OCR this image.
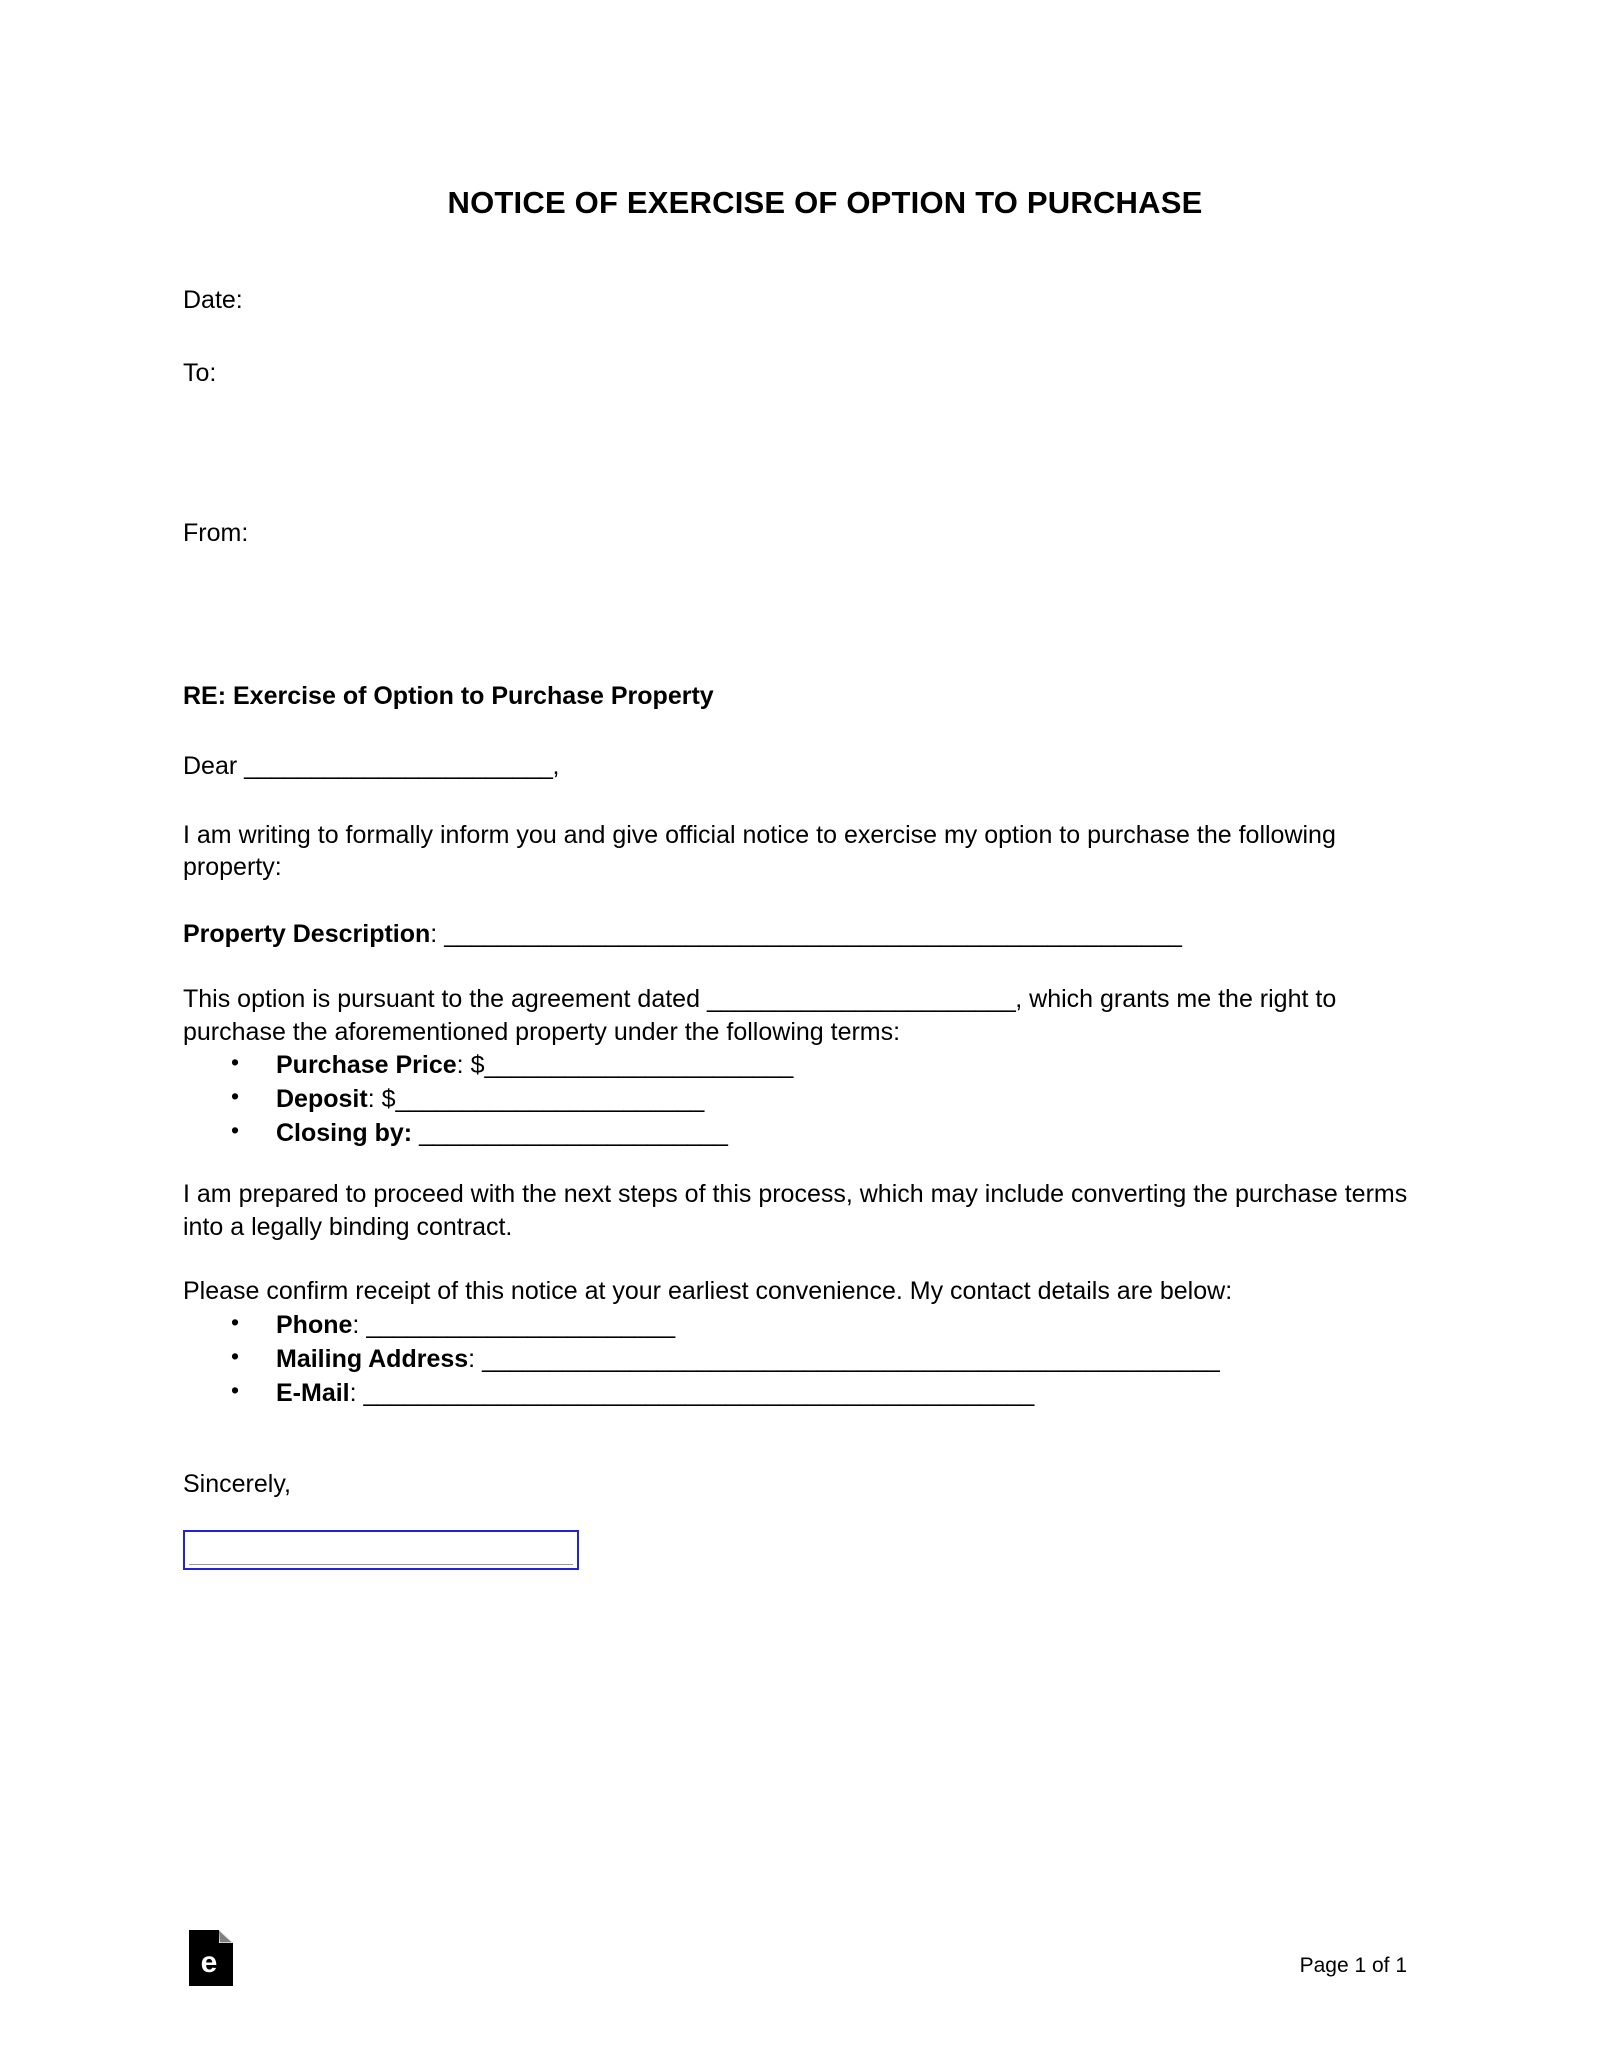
NOTICE OF EXERCISE OF OPTION TO PURCHASE

Date:

To:

From:

RE: Exercise of Option to Purchase Property

Dear _______________________,

I am writing to formally inform you and give official notice to exercise my option to purchase the following property:

Property Description: _______________________________________________________

This option is pursuant to the agreement dated _______________________, which grants me the right to purchase the aforementioned property under the following terms:

• Purchase Price: $_______________________
• Deposit: $_______________________
• Closing by: _______________________

I am prepared to proceed with the next steps of this process, which may include converting the purchase terms into a legally binding contract.

Please confirm receipt of this notice at your earliest convenience. My contact details are below:

• Phone: _______________________
• Mailing Address: _______________________________________________________
• E-Mail: __________________________________________________

Sincerely,

e	Page 1 of 1
